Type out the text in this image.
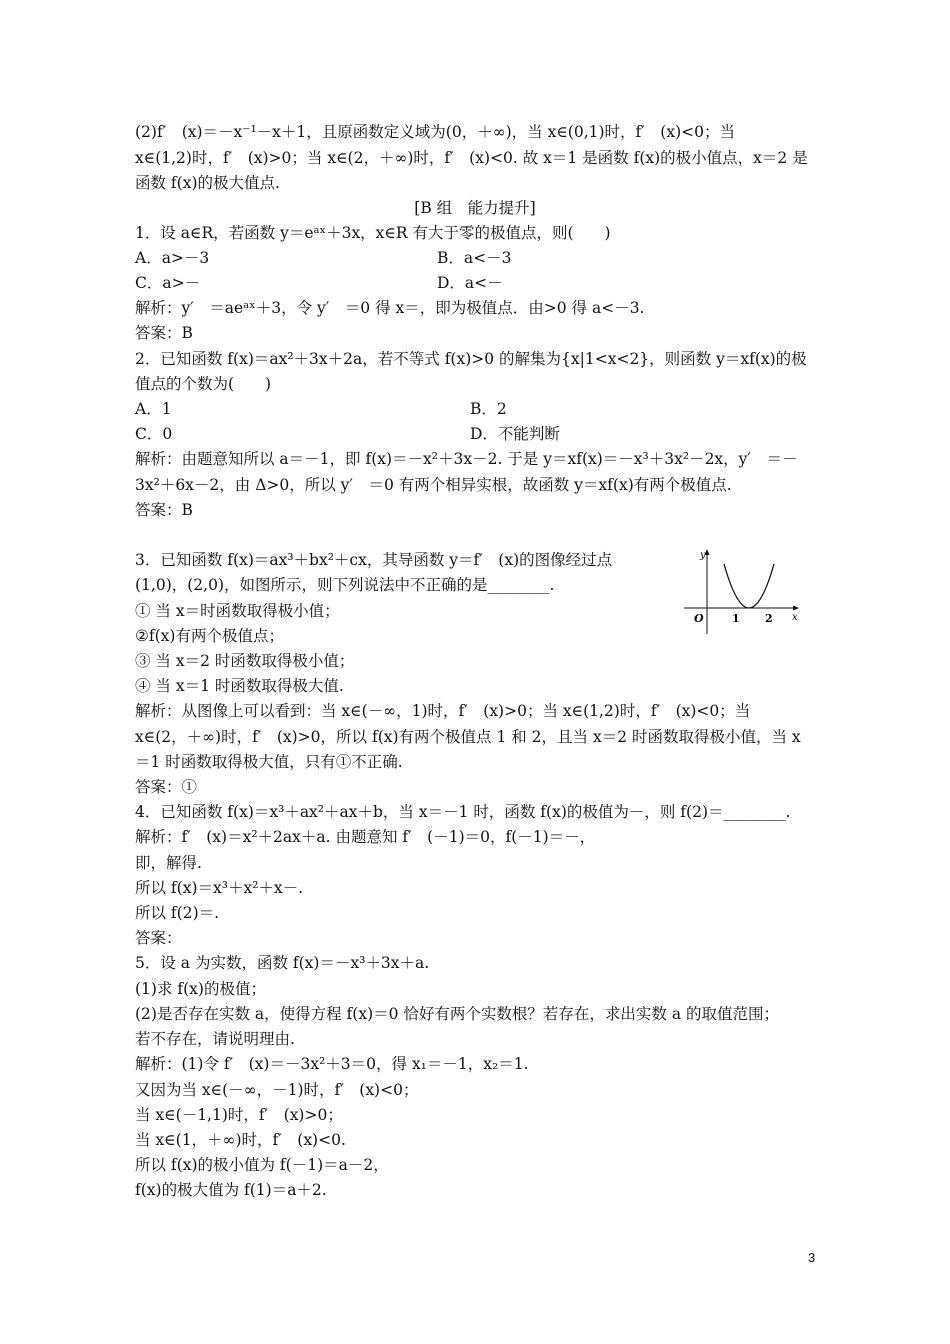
(2)f′　(x)＝－x⁻¹－x＋1，且原函数定义域为(0，＋∞)，当 x∈(0,1)时，f′　(x)<0；当
x∈(1,2)时，f′　(x)>0；当 x∈(2，＋∞)时，f′　(x)<0. 故 x＝1 是函数 f(x)的极小值点，x＝2 是
函数 f(x)的极大值点.
[B 组　能力提升]
1．设 a∈R，若函数 y＝eᵃˣ＋3x，x∈R 有大于零的极值点，则(　　)
A．a>－3	B．a<－3
C．a>－	D．a<－
解析：y′　＝aeᵃˣ＋3，令 y′　＝0 得 x＝，即为极值点．由>0 得 a<－3.
答案：B
2．已知函数 f(x)＝ax²＋3x＋2a，若不等式 f(x)>0 的解集为{x|1<x<2}，则函数 y＝xf(x)的极
值点的个数为(　　)
A．1	B．2
C．0	D．不能判断
解析：由题意知所以 a＝－1，即 f(x)＝－x²＋3x－2. 于是 y＝xf(x)＝－x³＋3x²－2x，y′　＝－
3x²＋6x－2，由 Δ>0，所以 y′　＝0 有两个相异实根，故函数 y＝xf(x)有两个极值点.
答案：B
3．已知函数 f(x)＝ax³＋bx²＋cx，其导函数 y＝f′　(x)的图像经过点
(1,0)，(2,0)，如图所示，则下列说法中不正确的是________.
① 当 x＝时函数取得极小值；
②f(x)有两个极值点；
③ 当 x＝2 时函数取得极小值；
④ 当 x＝1 时函数取得极大值.
解析：从图像上可以看到：当 x∈(－∞，1)时，f′　(x)>0；当 x∈(1,2)时，f′　(x)<0；当
x∈(2，＋∞)时，f′　(x)>0，所以 f(x)有两个极值点 1 和 2，且当 x＝2 时函数取得极小值，当 x
＝1 时函数取得极大值，只有①不正确.
答案：①
y
O	1 2 x
4．已知函数 f(x)＝x³＋ax²＋ax＋b，当 x＝－1 时，函数 f(x)的极值为－，则 f(2)＝________.
解析：f′　(x)＝x²＋2ax＋a. 由题意知 f′　(－1)＝0，f(－1)＝－，
即，解得.
所以 f(x)＝x³＋x²＋x－.
所以 f(2)＝.
答案：
5．设 a 为实数，函数 f(x)＝－x³＋3x＋a.
(1)求 f(x)的极值；
(2)是否存在实数 a，使得方程 f(x)＝0 恰好有两个实数根？若存在，求出实数 a 的取值范围；
若不存在，请说明理由.
解析：(1)令 f′　(x)＝－3x²＋3＝0，得 x₁＝－1，x₂＝1.
又因为当 x∈(－∞，－1)时，f′　(x)<0；
当 x∈(－1,1)时，f′　(x)>0；
当 x∈(1，＋∞)时，f′　(x)<0.
所以 f(x)的极小值为 f(－1)＝a－2，
f(x)的极大值为 f(1)＝a＋2.
3
